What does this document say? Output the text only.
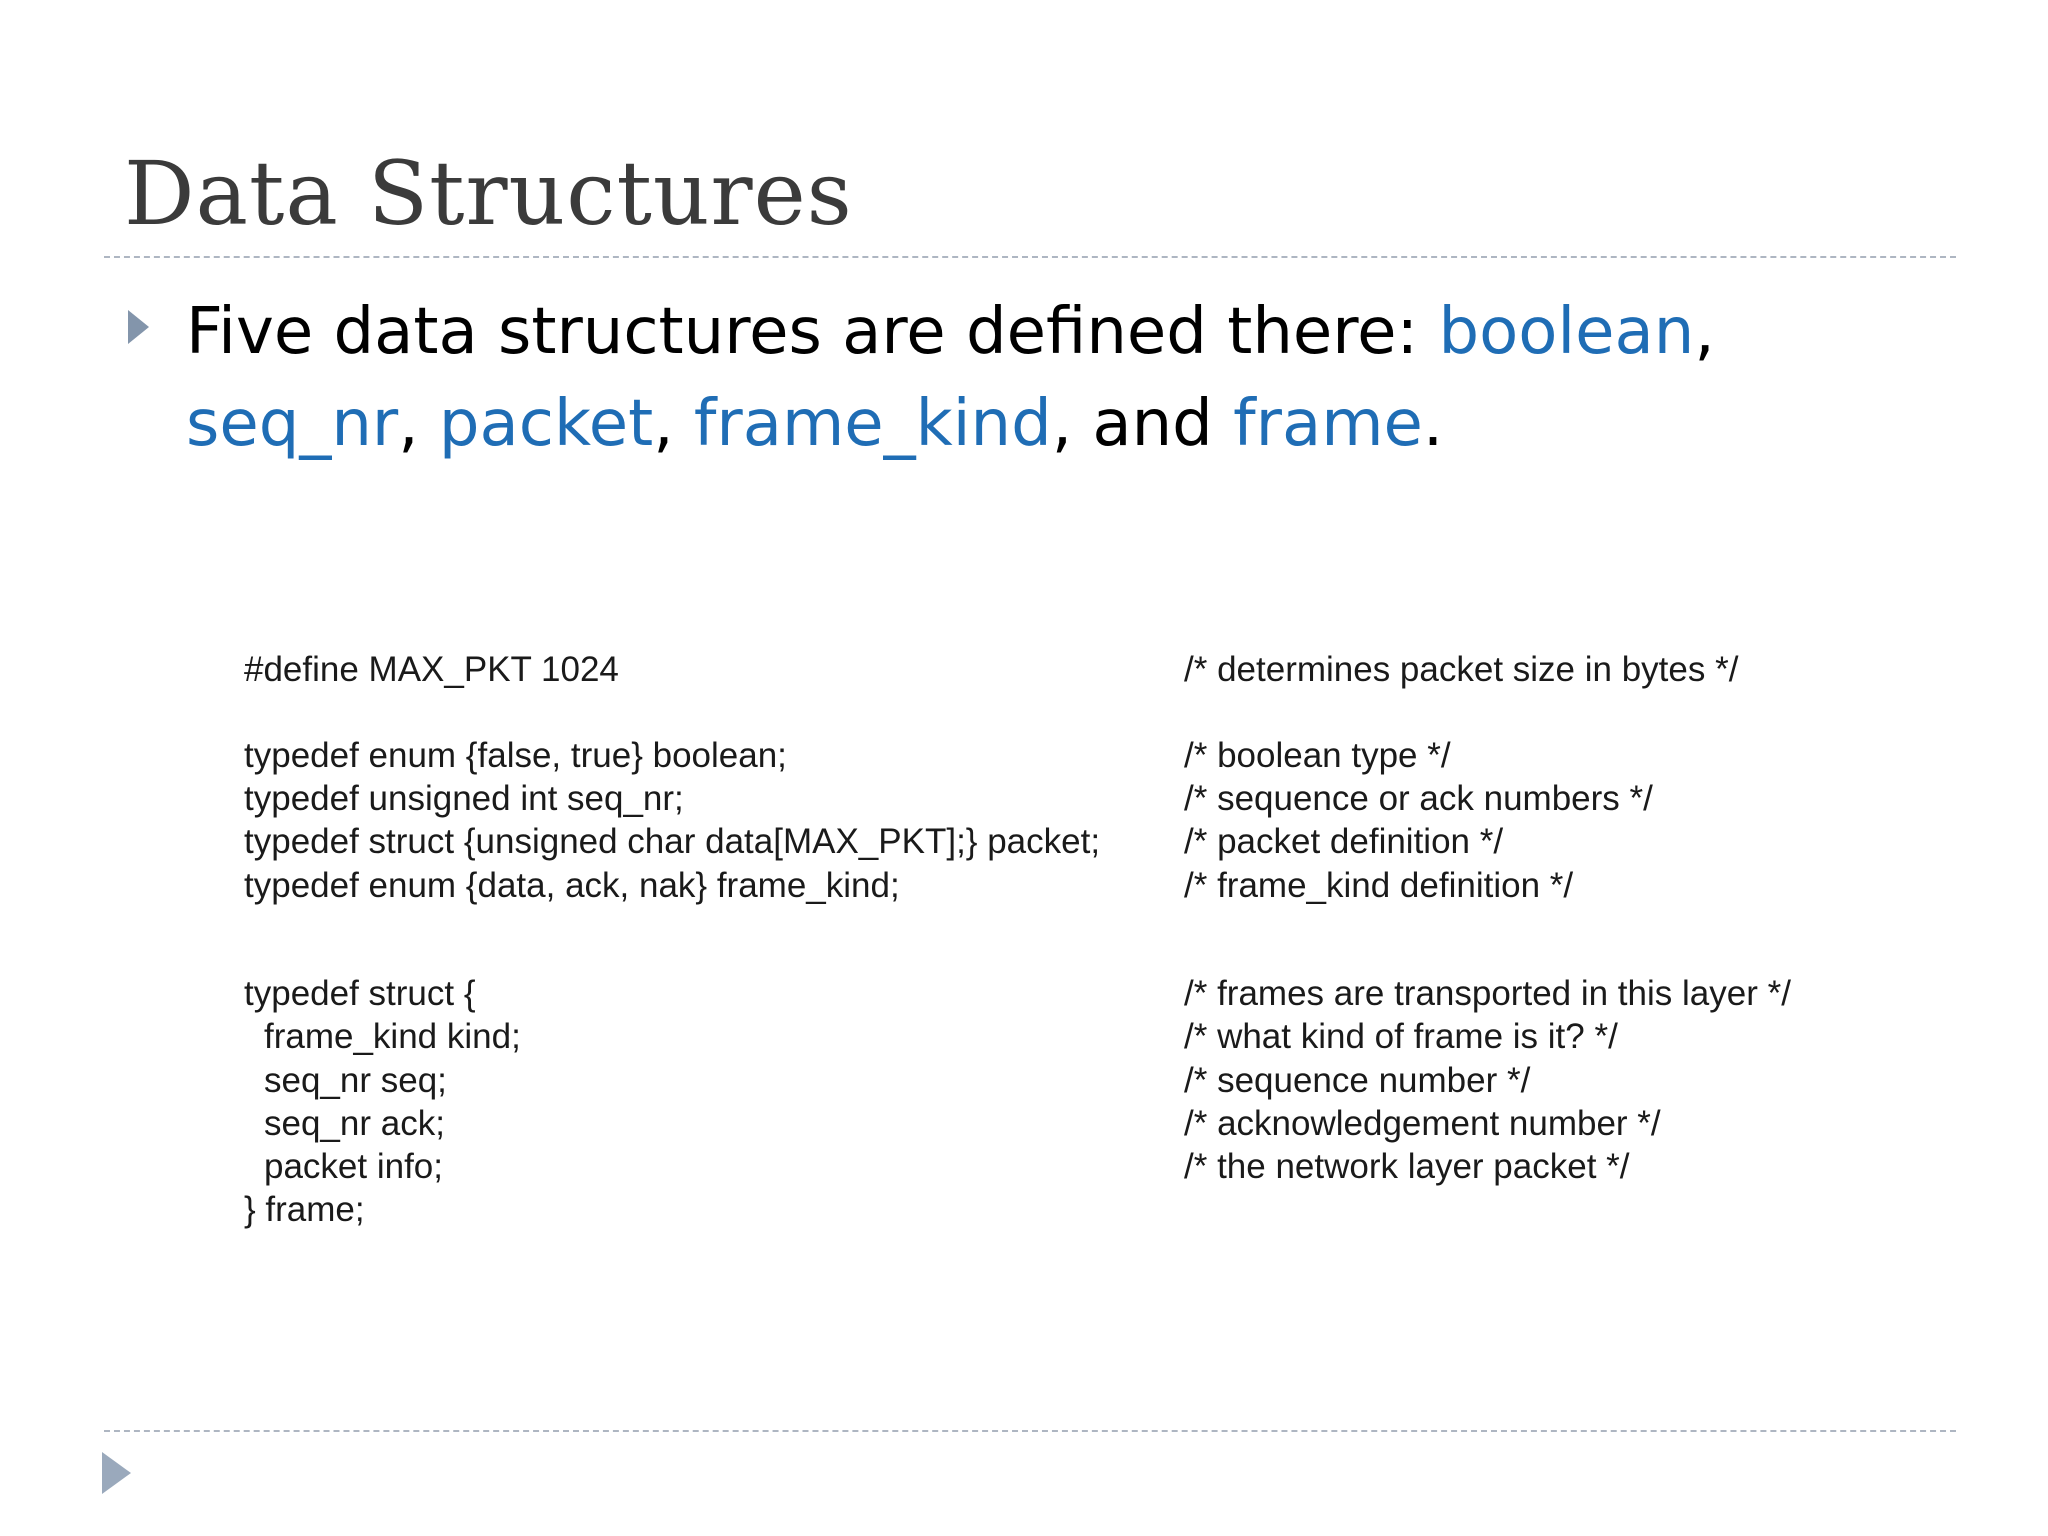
Data Structures
Five data structures are defined there: boolean, seq_nr, packet, frame_kind, and frame.
#define MAX_PKT 1024	/* determines packet size in bytes */
typedef enum {false, true} boolean;	/* boolean type */
typedef unsigned int seq_nr;	/* sequence or ack numbers */
typedef struct {unsigned char data[MAX_PKT];} packet; /* packet definition */
typedef enum {data, ack, nak} frame_kind;	/* frame_kind definition */
typedef struct {	/* frames are transported in this layer */
frame_kind kind;	/* what kind of frame is it? */
seq_nr seq;	/* sequence number */
seq_nr ack;	/* acknowledgement number */
packet info;	/* the network layer packet */
} frame;
